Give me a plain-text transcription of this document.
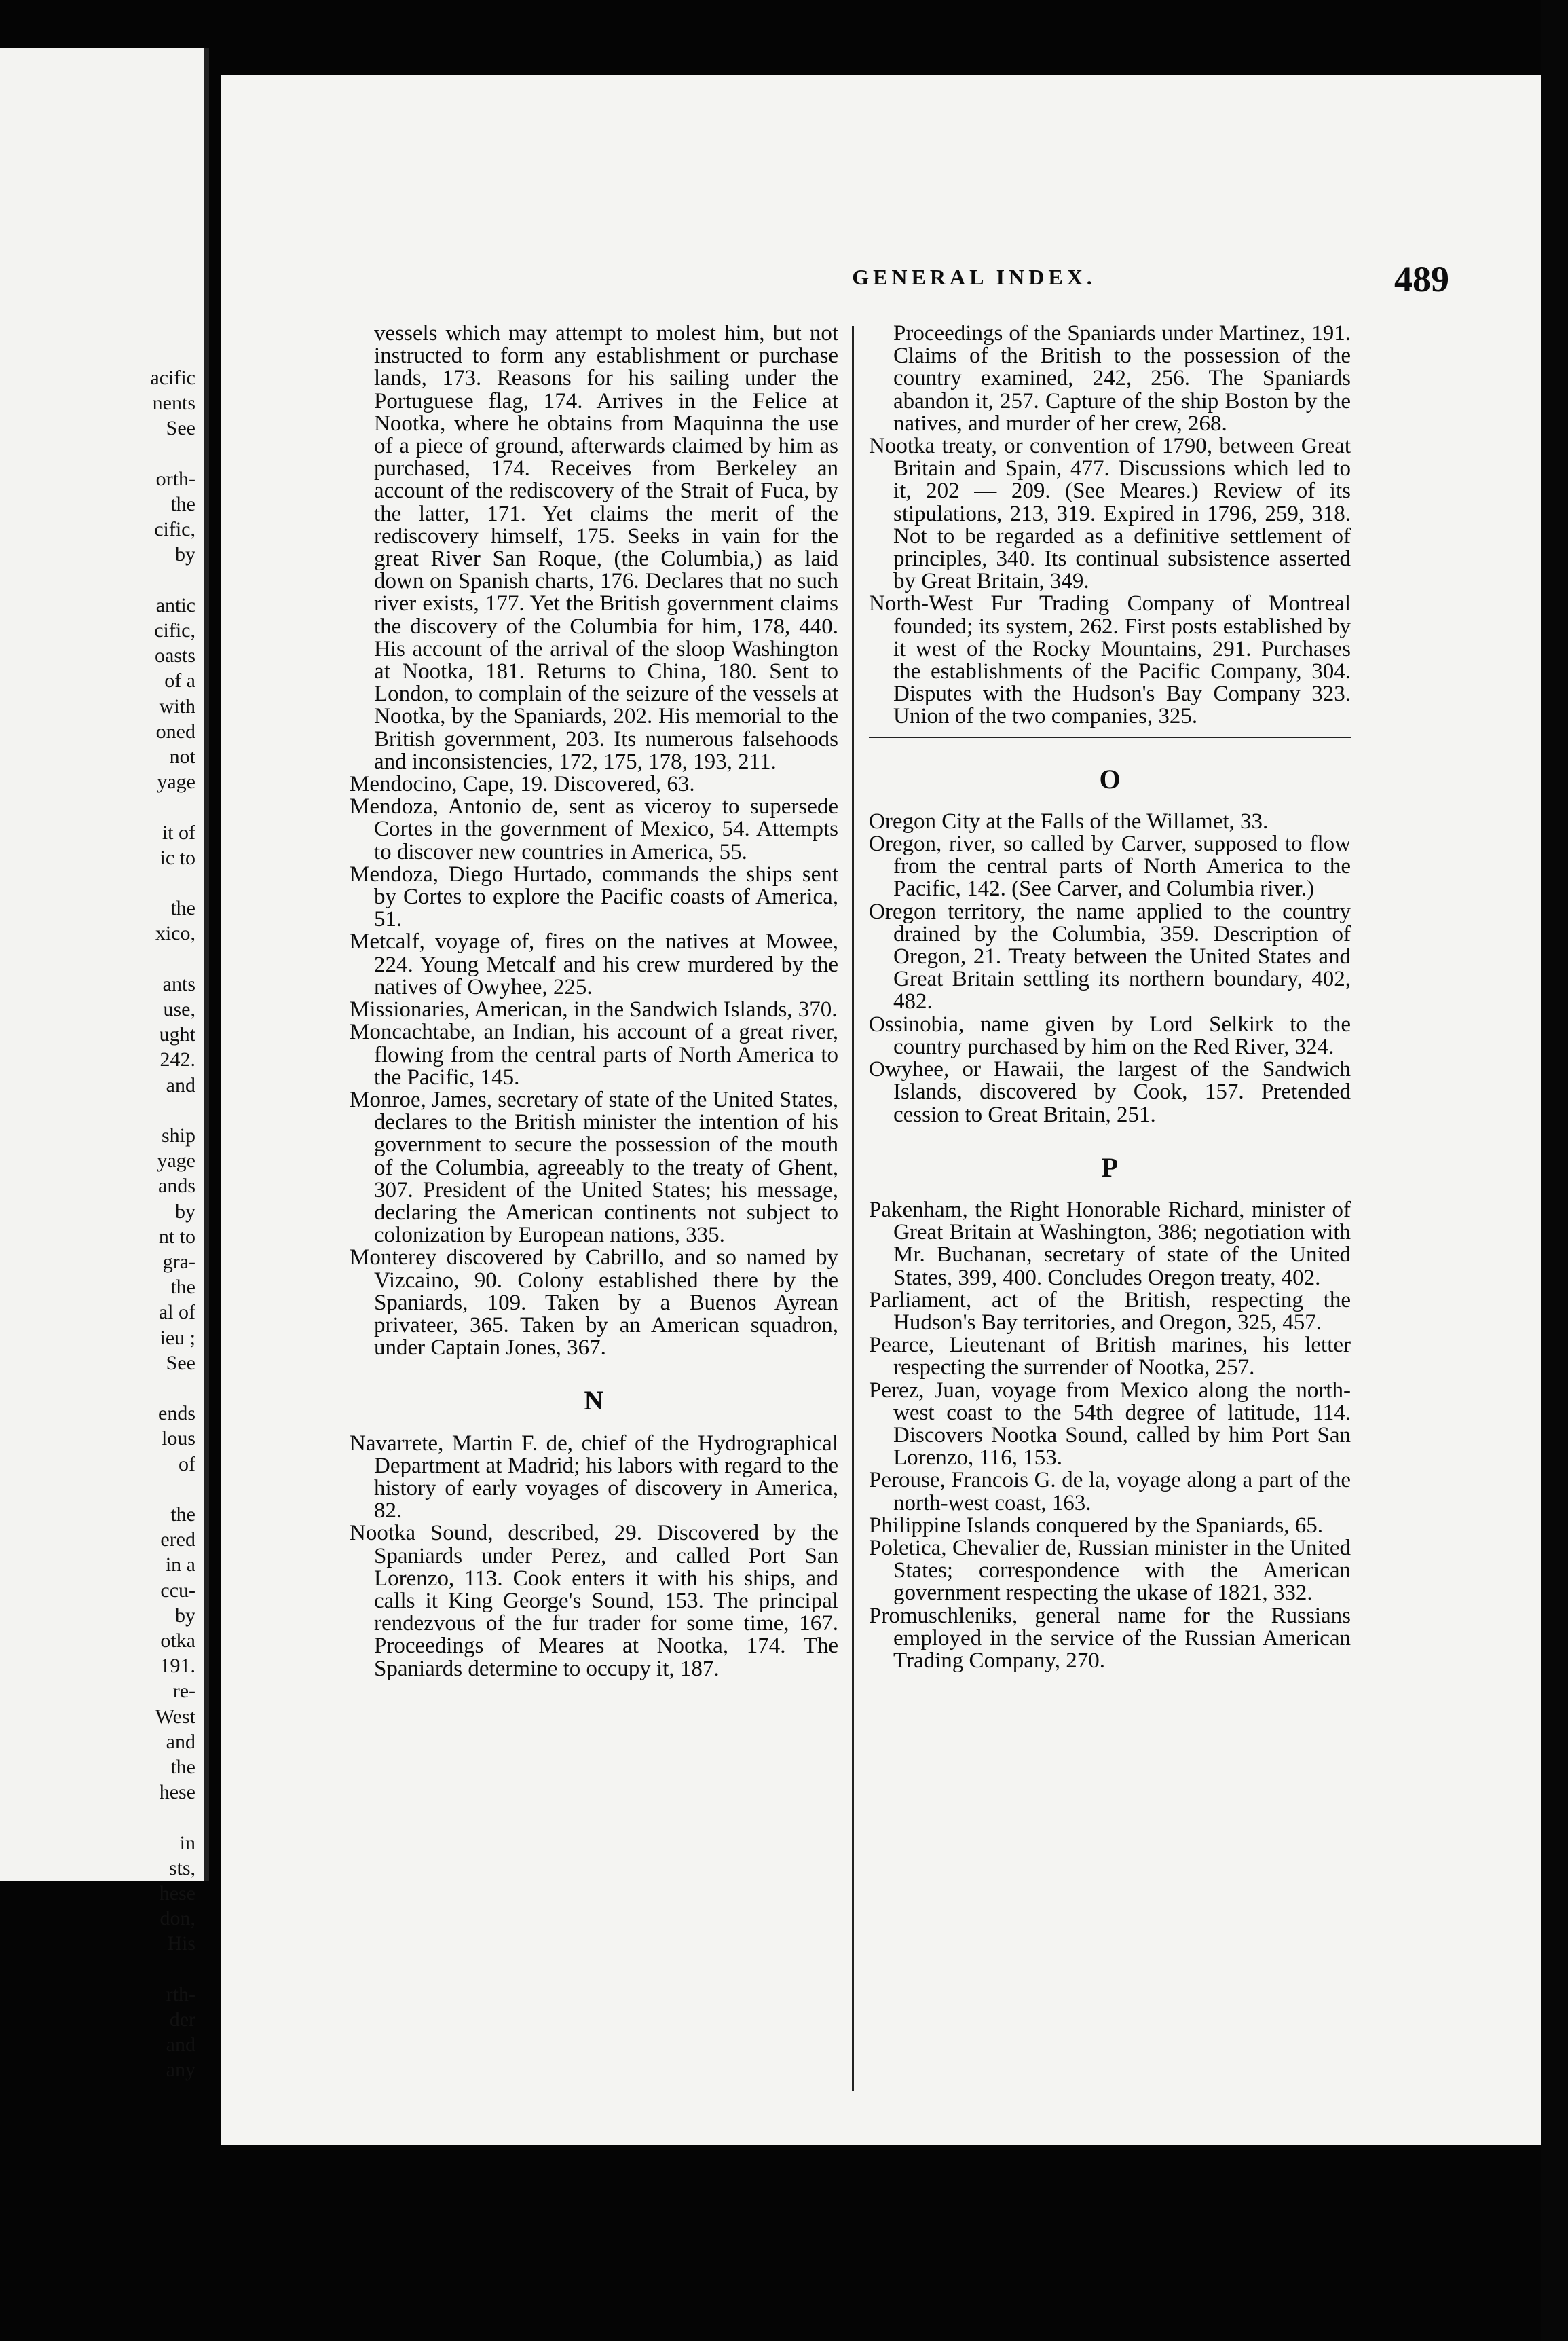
acific
nents
See
orth-
the
cific,
by
antic
cific,
oasts
of a
with
oned
not
yage
it of
ic to
the
xico,
ants
use,
ught
242.
and
ship
yage
ands
by
nt to
gra-
the
al of
ieu ;
See
ends
lous
of
the
ered
in a
ccu-
by
otka
191.
re-
West
and
the
hese
in
sts,
hese
don,
His
rth-
der
and
any
GENERAL INDEX.	489

vessels which may attempt to molest him, but not instructed to form any establishment or purchase lands, 173. Reasons for his sailing under the Portuguese flag, 174. Arrives in the Felice at Nootka, where he obtains from Maquinna the use of a piece of ground, afterwards claimed by him as purchased, 174. Receives from Berkeley an account of the rediscovery of the Strait of Fuca, by the latter, 171. Yet claims the merit of the rediscovery himself, 175. Seeks in vain for the great River San Roque, (the Columbia,) as laid down on Spanish charts, 176. Declares that no such river exists, 177. Yet the British government claims the discovery of the Columbia for him, 178, 440. His account of the arrival of the sloop Washington at Nootka, 181. Returns to China, 180. Sent to London, to complain of the seizure of the vessels at Nootka, by the Spaniards, 202. His memorial to the British government, 203. Its numerous falsehoods and inconsistencies, 172, 175, 178, 193, 211.

Mendocino, Cape, 19. Discovered, 63.

Mendoza, Antonio de, sent as viceroy to supersede Cortes in the government of Mexico, 54. Attempts to discover new countries in America, 55.

Mendoza, Diego Hurtado, commands the ships sent by Cortes to explore the Pacific coasts of America, 51.

Metcalf, voyage of, fires on the natives at Mowee, 224. Young Metcalf and his crew murdered by the natives of Owyhee, 225.

Missionaries, American, in the Sandwich Islands, 370.

Moncachtabe, an Indian, his account of a great river, flowing from the central parts of North America to the Pacific, 145.

Monroe, James, secretary of state of the United States, declares to the British minister the intention of his government to secure the possession of the mouth of the Columbia, agreeably to the treaty of Ghent, 307. President of the United States; his message, declaring the American continents not subject to colonization by European nations, 335.

Monterey discovered by Cabrillo, and so named by Vizcaino, 90. Colony established there by the Spaniards, 109. Taken by a Buenos Ayrean privateer, 365. Taken by an American squadron, under Captain Jones, 367.

N

Navarrete, Martin F. de, chief of the Hydrographical Department at Madrid; his labors with regard to the history of early voyages of discovery in America, 82.

Nootka Sound, described, 29. Discovered by the Spaniards under Perez, and called Port San Lorenzo, 113. Cook enters it with his ships, and calls it King George's Sound, 153. The principal rendezvous of the fur trader for some time, 167. Proceedings of Meares at Nootka, 174. The Spaniards determine to occupy it, 187.

Proceedings of the Spaniards under Martinez, 191. Claims of the British to the possession of the country examined, 242, 256. The Spaniards abandon it, 257. Capture of the ship Boston by the natives, and murder of her crew, 268.

Nootka treaty, or convention of 1790, between Great Britain and Spain, 477. Discussions which led to it, 202 — 209. (See Meares.) Review of its stipulations, 213, 319. Expired in 1796, 259, 318. Not to be regarded as a definitive settlement of principles, 340. Its continual subsistence asserted by Great Britain, 349.

North-West Fur Trading Company of Montreal founded; its system, 262. First posts established by it west of the Rocky Mountains, 291. Purchases the establishments of the Pacific Company, 304. Disputes with the Hudson's Bay Company 323. Union of the two companies, 325.

O

Oregon City at the Falls of the Willamet, 33.

Oregon, river, so called by Carver, supposed to flow from the central parts of North America to the Pacific, 142. (See Carver, and Columbia river.)

Oregon territory, the name applied to the country drained by the Columbia, 359. Description of Oregon, 21. Treaty between the United States and Great Britain settling its northern boundary, 402, 482.

Ossinobia, name given by Lord Selkirk to the country purchased by him on the Red River, 324.

Owyhee, or Hawaii, the largest of the Sandwich Islands, discovered by Cook, 157. Pretended cession to Great Britain, 251.

P

Pakenham, the Right Honorable Richard, minister of Great Britain at Washington, 386; negotiation with Mr. Buchanan, secretary of state of the United States, 399, 400. Concludes Oregon treaty, 402.

Parliament, act of the British, respecting the Hudson's Bay territories, and Oregon, 325, 457.

Pearce, Lieutenant of British marines, his letter respecting the surrender of Nootka, 257.

Perez, Juan, voyage from Mexico along the north-west coast to the 54th degree of latitude, 114. Discovers Nootka Sound, called by him Port San Lorenzo, 116, 153.

Perouse, Francois G. de la, voyage along a part of the north-west coast, 163.

Philippine Islands conquered by the Spaniards, 65.

Poletica, Chevalier de, Russian minister in the United States; correspondence with the American government respecting the ukase of 1821, 332.

Promuschleniks, general name for the Russians employed in the service of the Russian American Trading Company, 270.
